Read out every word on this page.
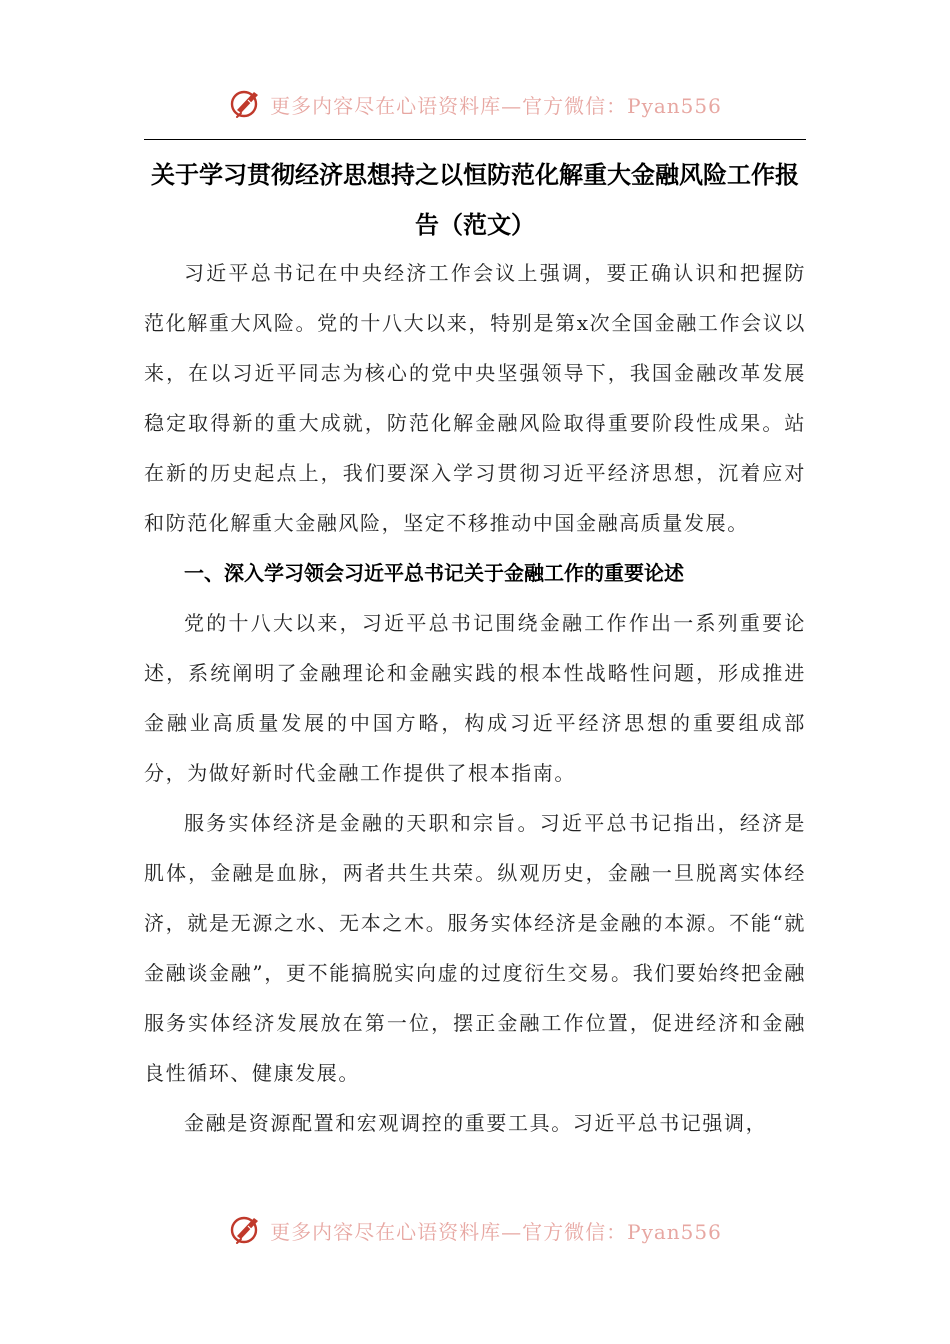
更多内容尽在心语资料库—官方微信：Pyan556
关于学习贯彻经济思想持之以恒防范化解重大金融风险工作报告（范文）

习近平总书记在中央经济工作会议上强调，要正确认识和把握防范化解重大风险。党的十八大以来，特别是第x次全国金融工作会议以来，在以习近平同志为核心的党中央坚强领导下，我国金融改革发展稳定取得新的重大成就，防范化解金融风险取得重要阶段性成果。站在新的历史起点上，我们要深入学习贯彻习近平经济思想，沉着应对和防范化解重大金融风险，坚定不移推动中国金融高质量发展。

一、深入学习领会习近平总书记关于金融工作的重要论述

党的十八大以来，习近平总书记围绕金融工作作出一系列重要论述，系统阐明了金融理论和金融实践的根本性战略性问题，形成推进金融业高质量发展的中国方略，构成习近平经济思想的重要组成部分，为做好新时代金融工作提供了根本指南。

服务实体经济是金融的天职和宗旨。习近平总书记指出，经济是肌体，金融是血脉，两者共生共荣。纵观历史，金融一旦脱离实体经济，就是无源之水、无本之木。服务实体经济是金融的本源。不能“就金融谈金融”，更不能搞脱实向虚的过度衍生交易。我们要始终把金融服务实体经济发展放在第一位，摆正金融工作位置，促进经济和金融良性循环、健康发展。

金融是资源配置和宏观调控的重要工具。习近平总书记强调，

更多内容尽在心语资料库—官方微信：Pyan556
